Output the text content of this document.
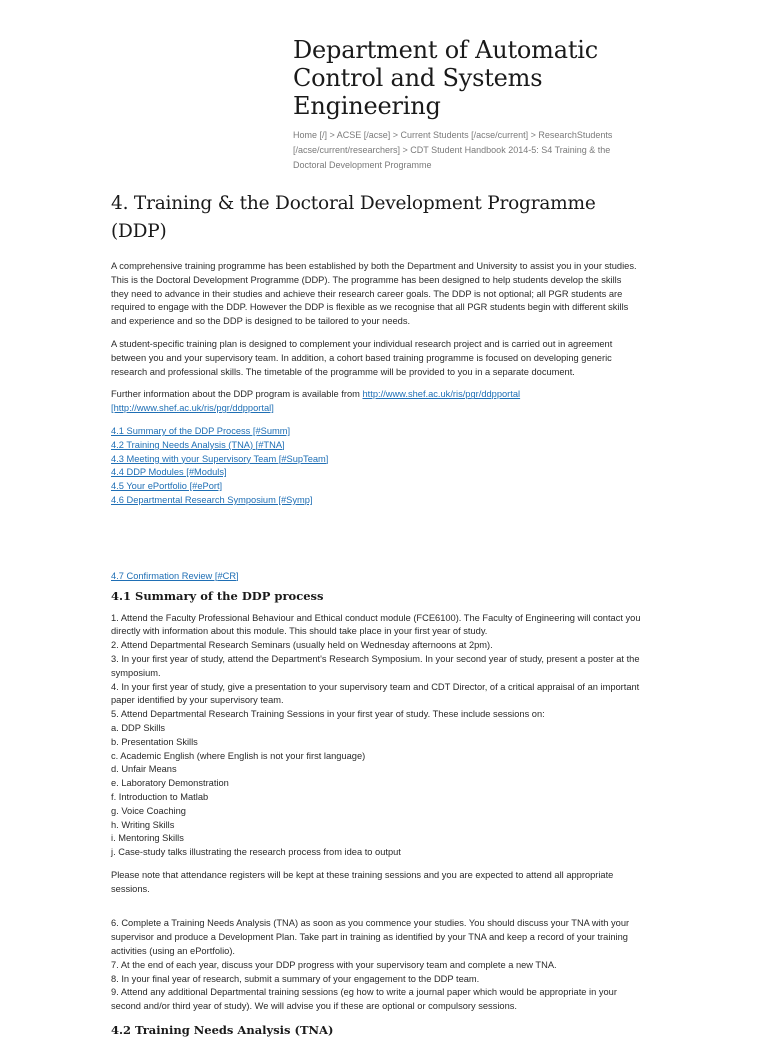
Department of Automatic Control and Systems Engineering
Home [/] > ACSE [/acse] > Current Students [/acse/current] > ResearchStudents [/acse/current/researchers] > CDT Student Handbook 2014-5: S4 Training & the Doctoral Development Programme
4. Training & the Doctoral Development Programme (DDP)

A comprehensive training programme has been established by both the Department and University to assist you in your studies. This is the Doctoral Development Programme (DDP). The programme has been designed to help students develop the skills they need to advance in their studies and achieve their research career goals. The DDP is not optional; all PGR students are required to engage with the DDP. However the DDP is flexible as we recognise that all PGR students begin with different skills and experience and so the DDP is designed to be tailored to your needs.

A student-specific training plan is designed to complement your individual research project and is carried out in agreement between you and your supervisory team. In addition, a cohort based training programme is focused on developing generic research and professional skills. The timetable of the programme will be provided to you in a separate document.

Further information about the DDP program is available from http://www.shef.ac.uk/ris/pgr/ddpportal [http://www.shef.ac.uk/ris/pgr/ddpportal]

4.1 Summary of the DDP Process [#Summ]
4.2 Training Needs Analysis (TNA) [#TNA]
4.3 Meeting with your Supervisory Team [#SupTeam]
4.4 DDP Modules [#Moduls]
4.5 Your ePortfolio [#ePort]
4.6 Departmental Research Symposium [#Symp]
4.7 Confirmation Review [#CR]
4.1 Summary of the DDP process
1. Attend the Faculty Professional Behaviour and Ethical conduct module (FCE6100). The Faculty of Engineering will contact you directly with information about this module. This should take place in your first year of study.
2. Attend Departmental Research Seminars (usually held on Wednesday afternoons at 2pm).
3. In your first year of study, attend the Department's Research Symposium. In your second year of study, present a poster at the symposium.
4. In your first year of study, give a presentation to your supervisory team and CDT Director, of a critical appraisal of an important paper identified by your supervisory team.
5. Attend Departmental Research Training Sessions in your first year of study. These include sessions on:
a. DDP Skills
b. Presentation Skills
c. Academic English (where English is not your first language)
d. Unfair Means
e. Laboratory Demonstration
f. Introduction to Matlab
g. Voice Coaching
h. Writing Skills
i. Mentoring Skills
j. Case-study talks illustrating the research process from idea to output

Please note that attendance registers will be kept at these training sessions and you are expected to attend all appropriate sessions.

6. Complete a Training Needs Analysis (TNA) as soon as you commence your studies. You should discuss your TNA with your supervisor and produce a Development Plan. Take part in training as identified by your TNA and keep a record of your training activities (using an ePortfolio).
7. At the end of each year, discuss your DDP progress with your supervisory team and complete a new TNA.
8. In your final year of research, submit a summary of your engagement to the DDP team.
9. Attend any additional Departmental training sessions (eg how to write a journal paper which would be appropriate in your second and/or third year of study). We will advise you if these are optional or compulsory sessions.
4.2 Training Needs Analysis (TNA)
